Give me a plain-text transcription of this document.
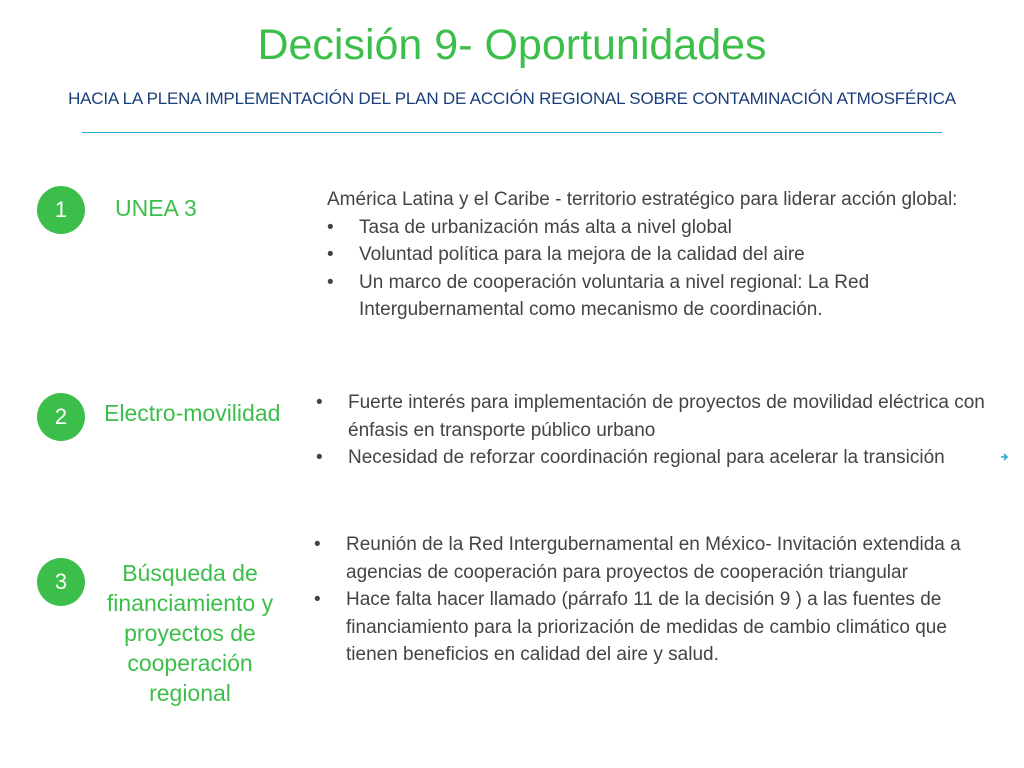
Decisión 9- Oportunidades
HACIA LA PLENA IMPLEMENTACIÓN DEL PLAN DE ACCIÓN REGIONAL SOBRE CONTAMINACIÓN ATMOSFÉRICA
1	UNEA 3	América Latina y el Caribe - territorio estratégico para liderar acción global:
•	Tasa de urbanización más alta a nivel global
•	Voluntad política para la mejora de la calidad del aire
•	Un marco de cooperación voluntaria a nivel regional: La Red Intergubernamental como mecanismo de coordinación.
2	Electro-movilidad •	Fuerte interés para implementación de proyectos de movilidad eléctrica con énfasis en transporte público urbano
•	Necesidad de reforzar coordinación regional para acelerar la transición
3	Búsqueda de financiamiento y proyectos de cooperación regional
•	Reunión de la Red Intergubernamental en México- Invitación extendida a agencias de cooperación para proyectos de cooperación triangular
•	Hace falta hacer llamado (párrafo 11 de la decisión 9 ) a las fuentes de financiamiento para la priorización de medidas de cambio climático que tienen beneficios en calidad del aire y salud.
